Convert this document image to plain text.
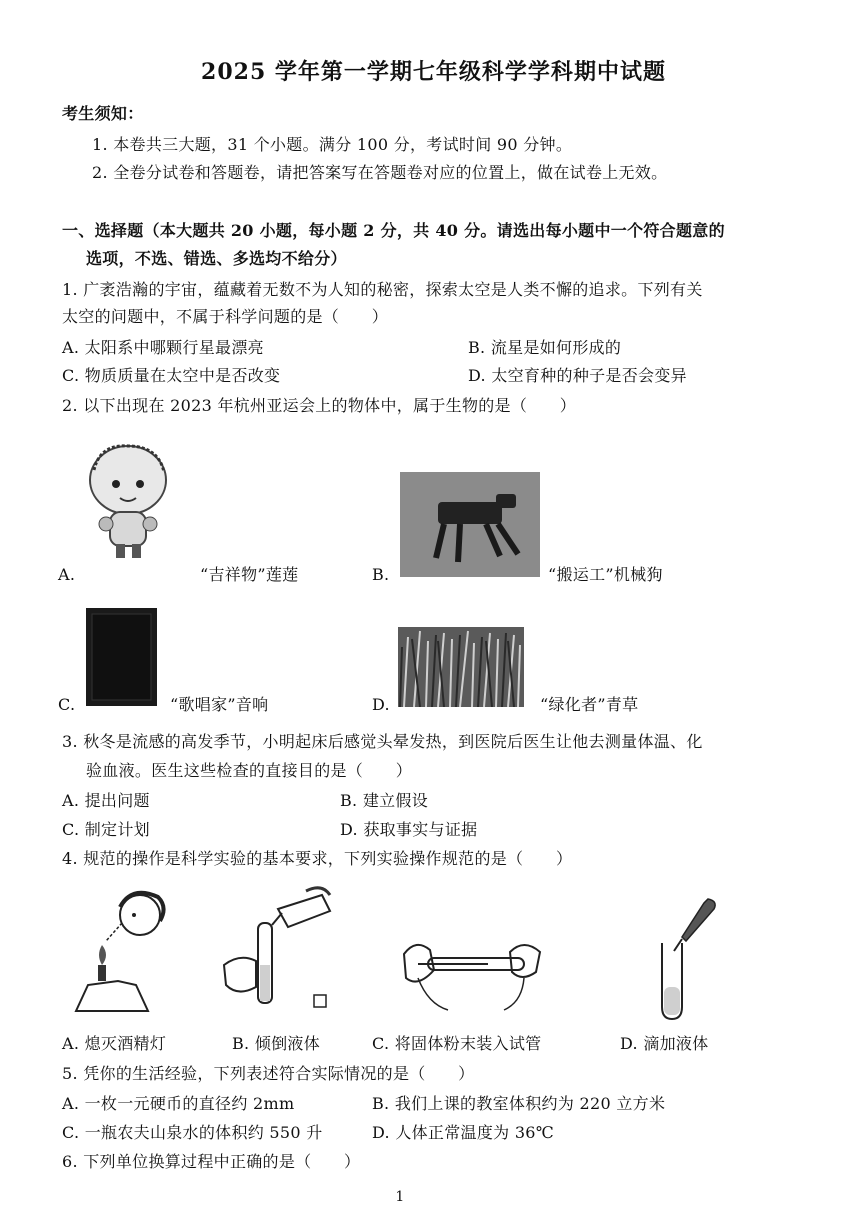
2025 学年第一学期七年级科学学科期中试题
考生须知：
1. 本卷共三大题，31 个小题。满分 100 分，考试时间 90 分钟。
2. 全卷分试卷和答题卷，请把答案写在答题卷对应的位置上，做在试卷上无效。
一、选择题（本大题共 20 小题，每小题 2 分，共 40 分。请选出每小题中一个符合题意的
选项，不选、错选、多选均不给分）
1. 广袤浩瀚的宇宙，蕴藏着无数不为人知的秘密，探索太空是人类不懈的追求。下列有关
太空的问题中，不属于科学问题的是（　　）
A. 太阳系中哪颗行星最漂亮	B. 流星是如何形成的
C. 物质质量在太空中是否改变	D. 太空育种的种子是否会变异
2. 以下出现在 2023 年杭州亚运会上的物体中，属于生物的是（　　）
A.	“吉祥物”莲莲	B.	“搬运工”机械狗
C.	“歌唱家”音响	D.	“绿化者”青草
3. 秋冬是流感的高发季节，小明起床后感觉头晕发热，到医院后医生让他去测量体温、化
验血液。医生这些检查的直接目的是（　　）
A. 提出问题	B. 建立假设
C. 制定计划	D. 获取事实与证据
4. 规范的操作是科学实验的基本要求，下列实验操作规范的是（　　）
A. 熄灭酒精灯	B. 倾倒液体	C. 将固体粉末装入试管	D. 滴加液体
5. 凭你的生活经验，下列表述符合实际情况的是（　　）
A. 一枚一元硬币的直径约 2mm	B. 我们上课的教室体积约为 220 立方米
C. 一瓶农夫山泉水的体积约 550 升	D. 人体正常温度为 36℃
6. 下列单位换算过程中正确的是（　　）
1
